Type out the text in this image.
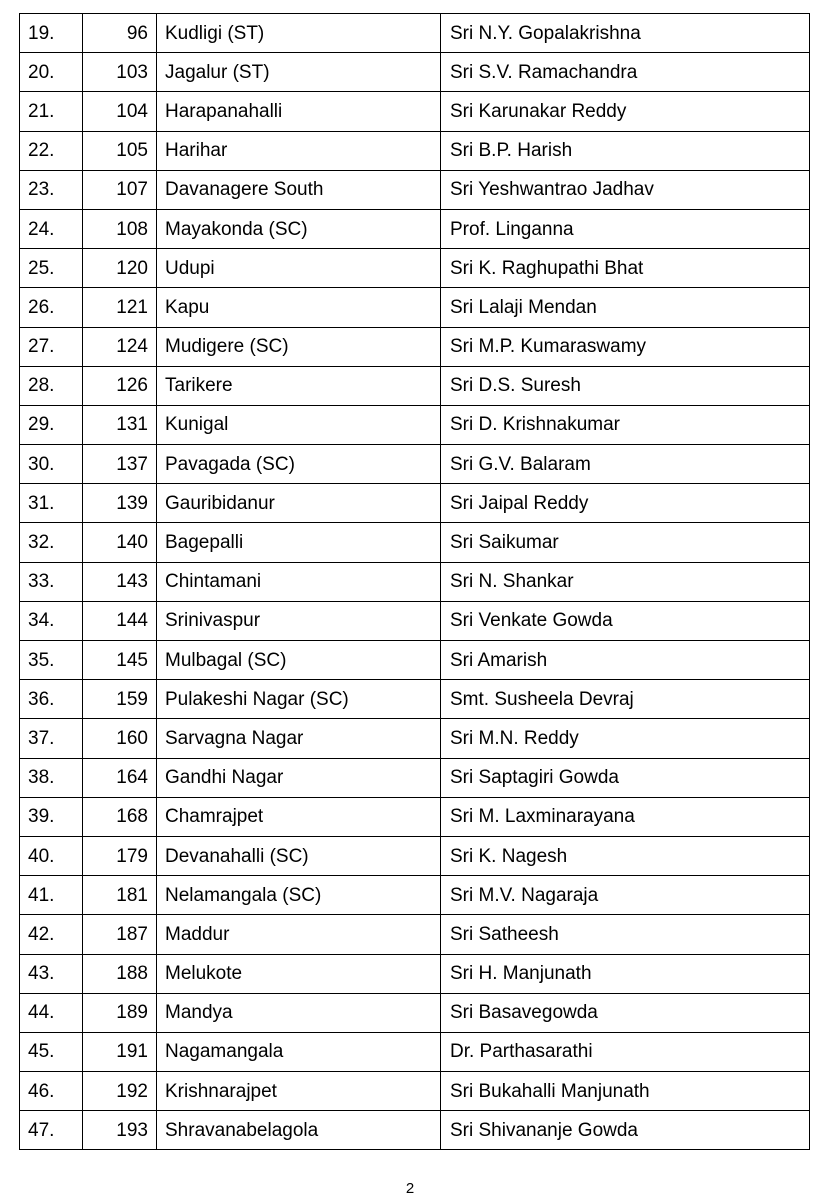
19.	96	Kudligi (ST)	Sri N.Y. Gopalakrishna
20.	103	Jagalur (ST)	Sri S.V. Ramachandra
21.	104	Harapanahalli	Sri Karunakar Reddy
22.	105	Harihar	Sri B.P. Harish
23.	107	Davanagere South	Sri Yeshwantrao Jadhav
24.	108	Mayakonda (SC)	Prof. Linganna
25.	120	Udupi	Sri K. Raghupathi Bhat
26.	121	Kapu	Sri Lalaji Mendan
27.	124	Mudigere (SC)	Sri M.P. Kumaraswamy
28.	126	Tarikere	Sri D.S. Suresh
29.	131	Kunigal	Sri D. Krishnakumar
30.	137	Pavagada (SC)	Sri G.V. Balaram
31.	139	Gauribidanur	Sri Jaipal Reddy
32.	140	Bagepalli	Sri Saikumar
33.	143	Chintamani	Sri N. Shankar
34.	144	Srinivaspur	Sri Venkate Gowda
35.	145	Mulbagal (SC)	Sri Amarish
36.	159	Pulakeshi Nagar (SC)	Smt. Susheela Devraj
37.	160	Sarvagna Nagar	Sri M.N. Reddy
38.	164	Gandhi Nagar	Sri Saptagiri Gowda
39.	168	Chamrajpet	Sri M. Laxminarayana
40.	179	Devanahalli (SC)	Sri K. Nagesh
41.	181	Nelamangala (SC)	Sri M.V. Nagaraja
42.	187	Maddur	Sri Satheesh
43.	188	Melukote	Sri H. Manjunath
44.	189	Mandya	Sri Basavegowda
45.	191	Nagamangala	Dr. Parthasarathi
46.	192	Krishnarajpet	Sri Bukahalli Manjunath
47.	193	Shravanabelagola	Sri Shivananje Gowda
2
